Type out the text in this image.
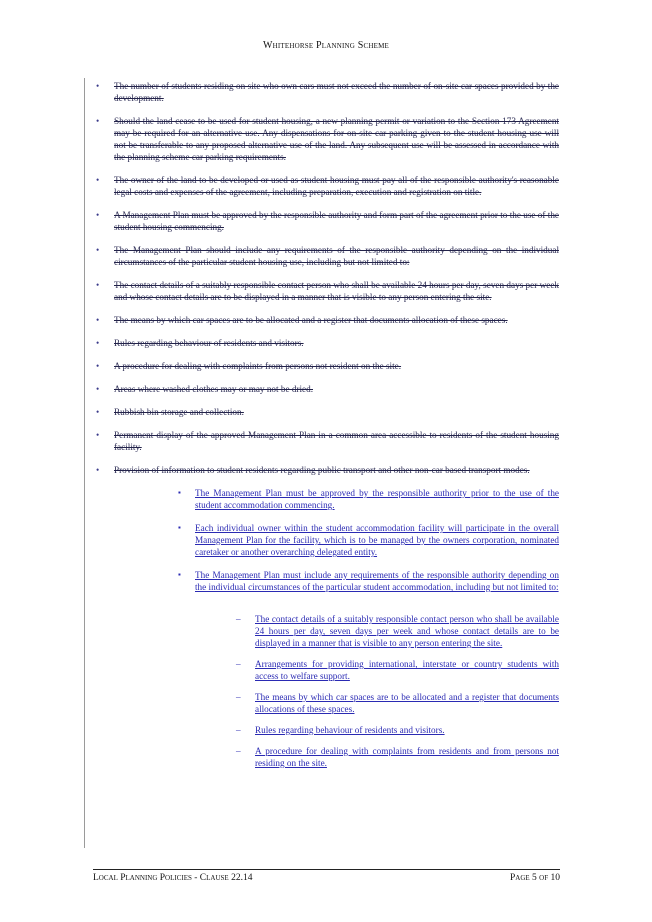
Whitehorse Planning Scheme
• The number of students residing on site who own cars must not exceed the number of on-site car spaces provided by the development.
• Should the land cease to be used for student housing, a new planning permit or variation to the Section 173 Agreement may be required for an alternative use. Any dispensations for on-site car parking given to the student housing use will not be transferable to any proposed alternative use of the land. Any subsequent use will be assessed in accordance with the planning scheme car parking requirements.
• The owner of the land to be developed or used as student housing must pay all of the responsible authority's reasonable legal costs and expenses of the agreement, including preparation, execution and registration on title.
• A Management Plan must be approved by the responsible authority and form part of the agreement prior to the use of the student housing commencing.
• The Management Plan should include any requirements of the responsible authority depending on the individual circumstances of the particular student housing use, including but not limited to:
• The contact details of a suitably responsible contact person who shall be available 24 hours per day, seven days per week and whose contact details are to be displayed in a manner that is visible to any person entering the site.
• The means by which car spaces are to be allocated and a register that documents allocation of these spaces.
• Rules regarding behaviour of residents and visitors.
• A procedure for dealing with complaints from persons not resident on the site.
• Areas where washed clothes may or may not be dried.
• Rubbish bin storage and collection.
• Permanent display of the approved Management Plan in a common area accessible to residents of the student housing facility.
• Provision of information to student residents regarding public transport and other non-car based transport modes.
▪ The Management Plan must be approved by the responsible authority prior to the use of the student accommodation commencing.
▪ Each individual owner within the student accommodation facility will participate in the overall Management Plan for the facility, which is to be managed by the owners corporation, nominated caretaker or another overarching delegated entity.
▪ The Management Plan must include any requirements of the responsible authority depending on the individual circumstances of the particular student accommodation, including but not limited to:
– The contact details of a suitably responsible contact person who shall be available 24 hours per day, seven days per week and whose contact details are to be displayed in a manner that is visible to any person entering the site.
– Arrangements for providing international, interstate or country students with access to welfare support.
– The means by which car spaces are to be allocated and a register that documents allocations of these spaces.
– Rules regarding behaviour of residents and visitors.
– A procedure for dealing with complaints from residents and from persons not residing on the site.
Local Planning Policies - Clause 22.14	Page 5 of 10
